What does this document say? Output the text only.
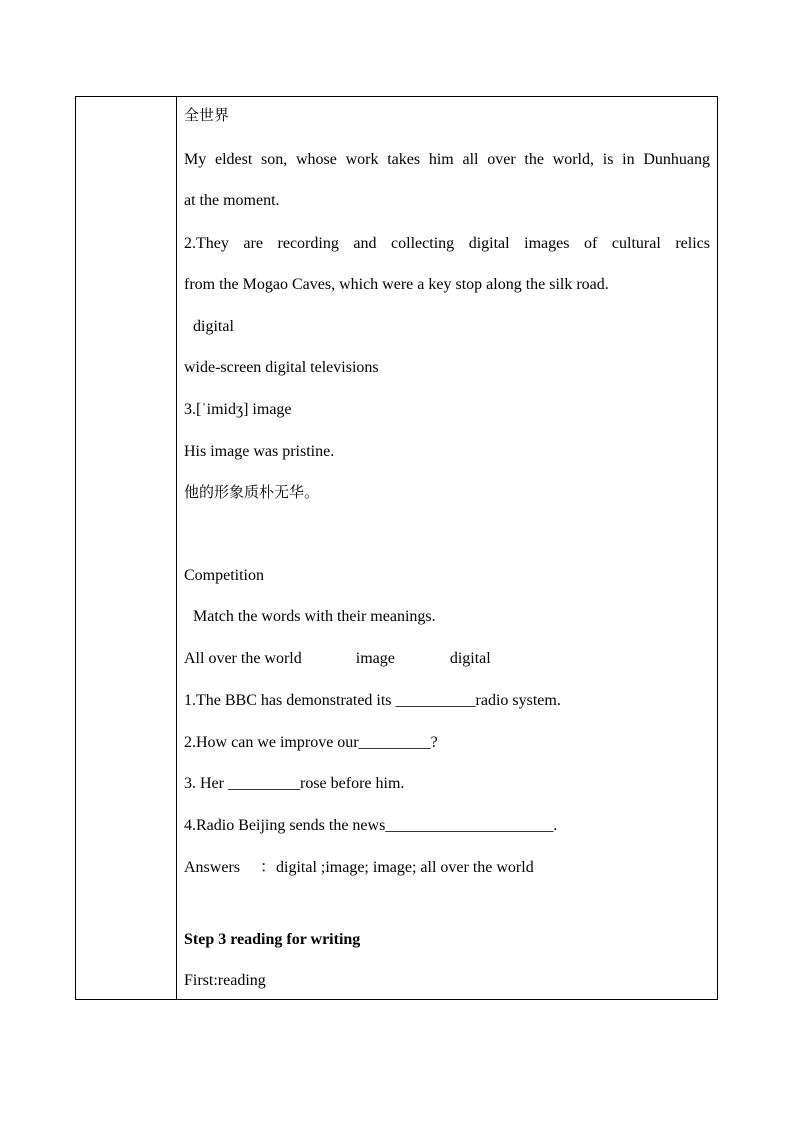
全世界
My eldest son, whose work takes him all over the world, is in Dunhuang
at the moment.
2.They are recording and collecting digital images of cultural relics
from the Mogao Caves, which were a key stop along the silk road.
digital
wide-screen digital televisions
3.[ˈimidʒ] image
His image was pristine.
他的形象质朴无华。
Competition
Match the words with their meanings.
All over the world	image	digital
1.The BBC has demonstrated its __________radio system.
2.How can we improve our_________?
3. Her _________rose before him.
4.Radio Beijing sends the news_____________________.
Answers ：digital ;image; image; all over the world
Step 3 reading for writing
First:reading
